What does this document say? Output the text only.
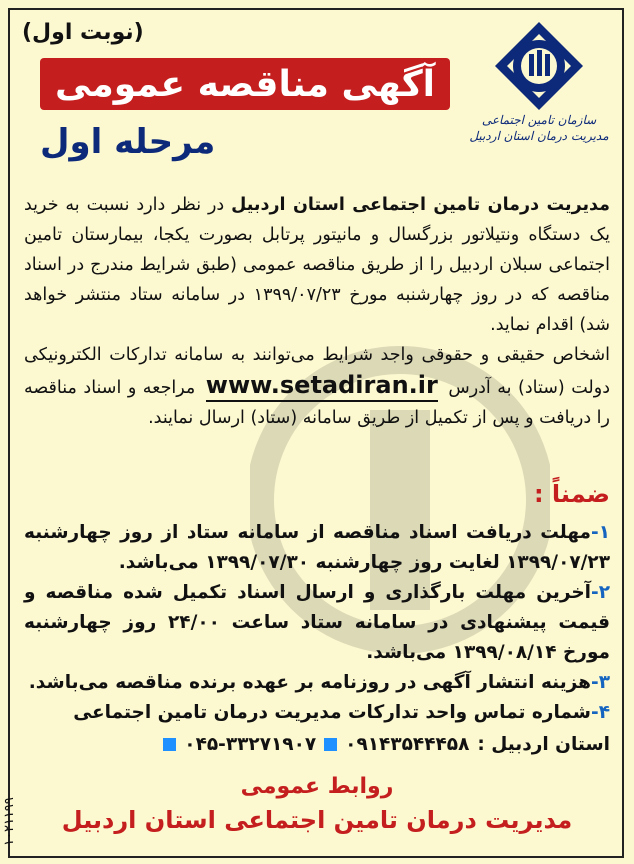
(نوبت اول)
آگهی مناقصه عمومی
مرحله اول
سازمان تامین اجتماعی
مدیریت درمان استان اردبیل
مدیریت درمان تامین اجتماعی استان اردبیل در نظر دارد نسبت به خرید یک دستگاه ونتیلاتور بزرگسال و مانیتور پرتابل بصورت یکجا، بیمارستان تامین اجتماعی سبلان اردبیل را از طریق مناقصه عمومی (طبق شرایط مندرج در اسناد مناقصه که در روز چهارشنبه مورخ ۱۳۹۹/۰۷/۲۳ در سامانه ستاد منتشر خواهد شد) اقدام نماید.
اشخاص حقیقی و حقوقی واجد شرایط می‌توانند به سامانه تدارکات الکترونیکی دولت (ستاد) به آدرس www.setadiran.ir مراجعه و اسناد مناقصه را دریافت و پس از تکمیل از طریق سامانه (ستاد) ارسال نمایند.
ضمناً :
۱-مهلت دریافت اسناد مناقصه از سامانه ستاد از روز چهارشنبه ۱۳۹۹/۰۷/۲۳ لغایت روز چهارشنبه ۱۳۹۹/۰۷/۳۰ می‌باشد.
۲-آخرین مهلت بارگذاری و ارسال اسناد تکمیل شده مناقصه و قیمت پیشنهادی در سامانه ستاد ساعت ۲۴/۰۰ روز چهارشنبه مورخ ۱۳۹۹/۰۸/۱۴ می‌باشد.
۳-هزینه انتشار آگهی در روزنامه بر عهده برنده مناقصه می‌باشد.
۴-شماره تماس واحد تدارکات مدیریت درمان تامین اجتماعی
استان اردبیل :
۰۹۱۴۳۵۴۴۴۵۸
۰۴۵-۳۳۲۷۱۹۰۷
روابط عمومی
مدیریت درمان تامین اجتماعی استان اردبیل
۱۰۲۱۱۹۹
